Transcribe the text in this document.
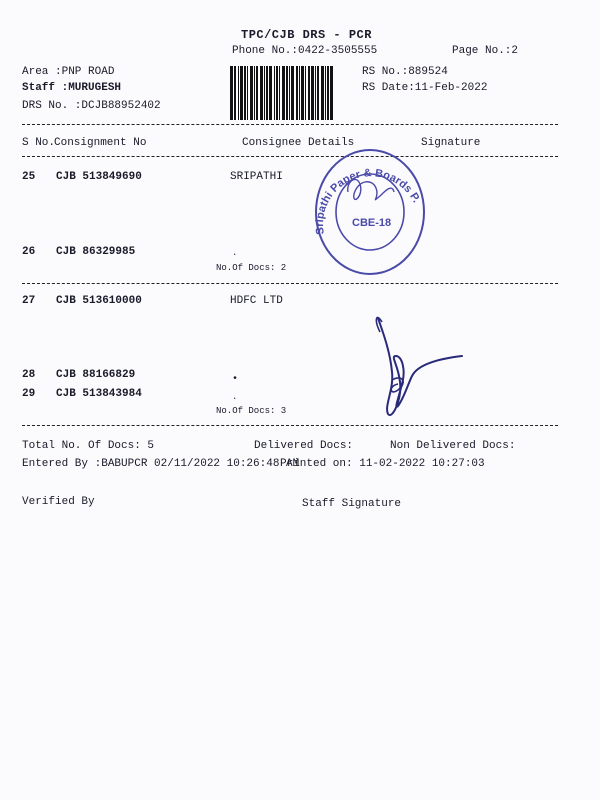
TPC/CJB DRS - PCR
Phone No.:0422-3505555	Page No.:2
Area :PNP ROAD
Staff :MURUGESH
DRS No. :DCJB88952402
RS No.:889524
RS Date:11-Feb-2022
S No.
Consignment No	Consignee Details	Signature
25 CJB 513849690	SRIPATHI
26 CJB 86329985	·
No.Of Docs: 2
27 CJB 513610000	HDFC LTD
28 CJB 88166829	•
29 CJB 513843984	·
No.Of Docs: 3
Total No. Of Docs: 5	Delivered Docs:	Non Delivered Docs:
Entered By :BABUPCR 02/11/2022 10:26:48 AM
Printed on: 11-02-2022 10:27:03
Verified By	Staff Signature
Sripathi Paper & Boards P.
CBE-18
